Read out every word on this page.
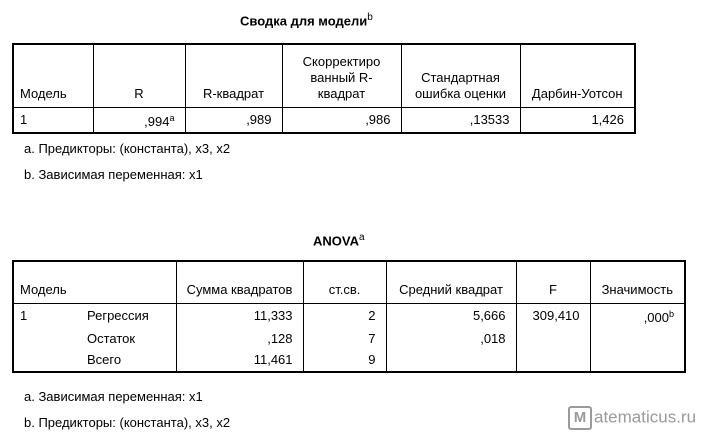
Сводка для модели$^b$
Модель	R	R-квадрат	Скорректиро ванный R-квадрат	Стандартная ошибка оценки	Дарбин-Уотсон
1	,994$^a$	,989	,986	,13533	1,426
a. Предикторы: (константа), x3, x2
b. Зависимая переменная: x1
ANOVA$^a$
Модель		Сумма квадратов	ст.св.	Средний квадрат	F	Значимость
1	Регрессия	11,333	2	5,666	309,410	,000$^b$
	Остаток	,128	7	,018		
	Всего	11,461	9			
a. Зависимая переменная: x1
b. Предикторы: (константа), x3, x2	M atematicus.ru
